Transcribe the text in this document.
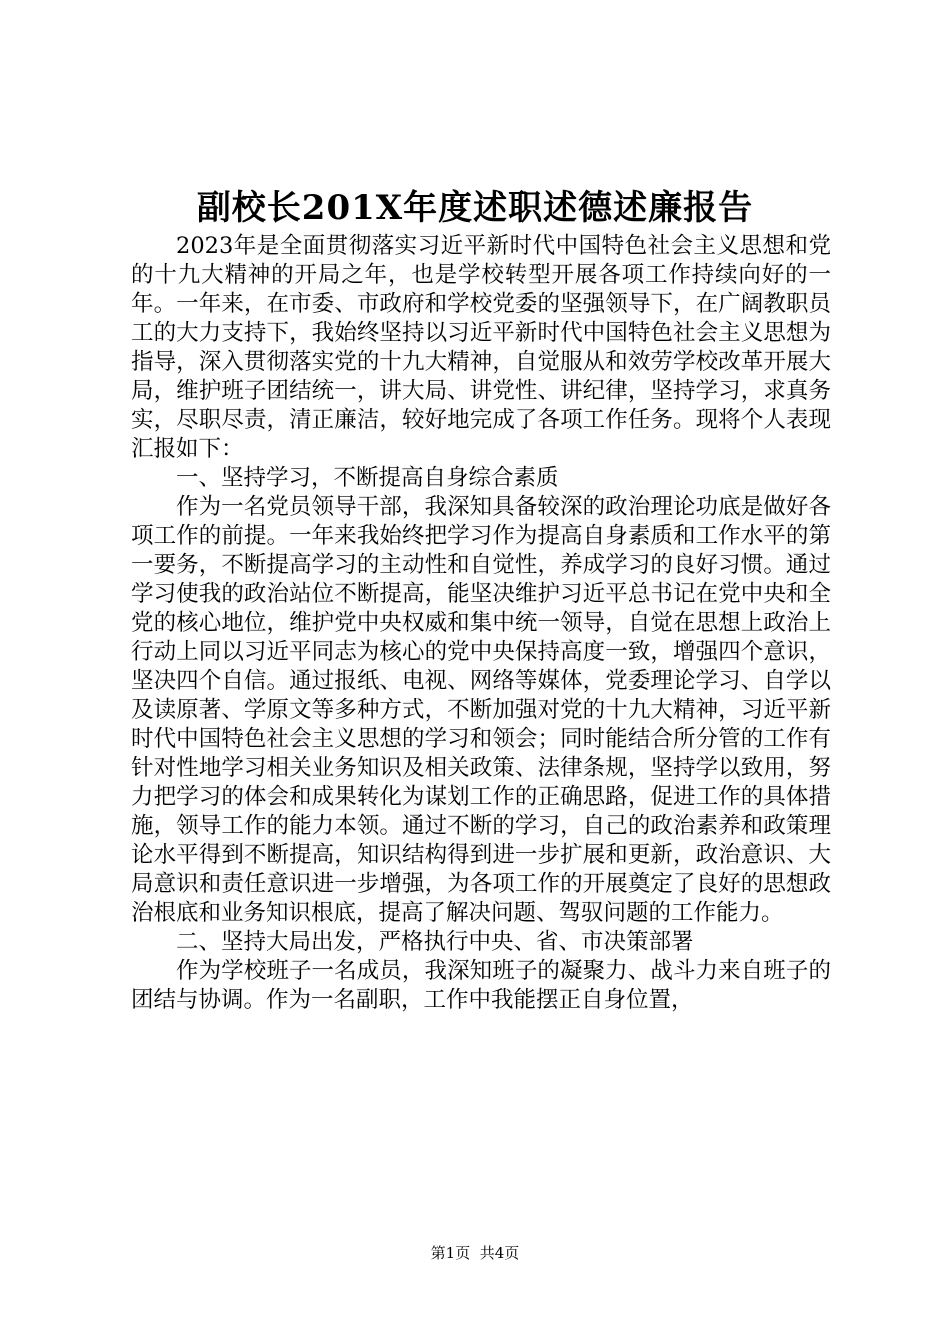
副校长201X年度述职述德述廉报告

2023年是全面贯彻落实习近平新时代中国特色社会主义思想和党的十九大精神的开局之年，也是学校转型开展各项工作持续向好的一年。一年来，在市委、市政府和学校党委的坚强领导下，在广阔教职员工的大力支持下，我始终坚持以习近平新时代中国特色社会主义思想为指导，深入贯彻落实党的十九大精神，自觉服从和效劳学校改革开展大局，维护班子团结统一，讲大局、讲党性、讲纪律，坚持学习，求真务实，尽职尽责，清正廉洁，较好地完成了各项工作任务。现将个人表现汇报如下：

一、坚持学习，不断提高自身综合素质

作为一名党员领导干部，我深知具备较深的政治理论功底是做好各项工作的前提。一年来我始终把学习作为提高自身素质和工作水平的第一要务，不断提高学习的主动性和自觉性，养成学习的良好习惯。通过学习使我的政治站位不断提高，能坚决维护习近平总书记在党中央和全党的核心地位，维护党中央权威和集中统一领导，自觉在思想上政治上行动上同以习近平同志为核心的党中央保持高度一致，增强四个意识，坚决四个自信。通过报纸、电视、网络等媒体，党委理论学习、自学以及读原著、学原文等多种方式，不断加强对党的十九大精神，习近平新时代中国特色社会主义思想的学习和领会；同时能结合所分管的工作有针对性地学习相关业务知识及相关政策、法律条规，坚持学以致用，努力把学习的体会和成果转化为谋划工作的正确思路，促进工作的具体措施，领导工作的能力本领。通过不断的学习，自己的政治素养和政策理论水平得到不断提高，知识结构得到进一步扩展和更新，政治意识、大局意识和责任意识进一步增强，为各项工作的开展奠定了良好的思想政治根底和业务知识根底，提高了解决问题、驾驭问题的工作能力。

二、坚持大局出发，严格执行中央、省、市决策部署

作为学校班子一名成员，我深知班子的凝聚力、战斗力来自班子的团结与协调。作为一名副职，工作中我能摆正自身位置，

第1页 共4页
